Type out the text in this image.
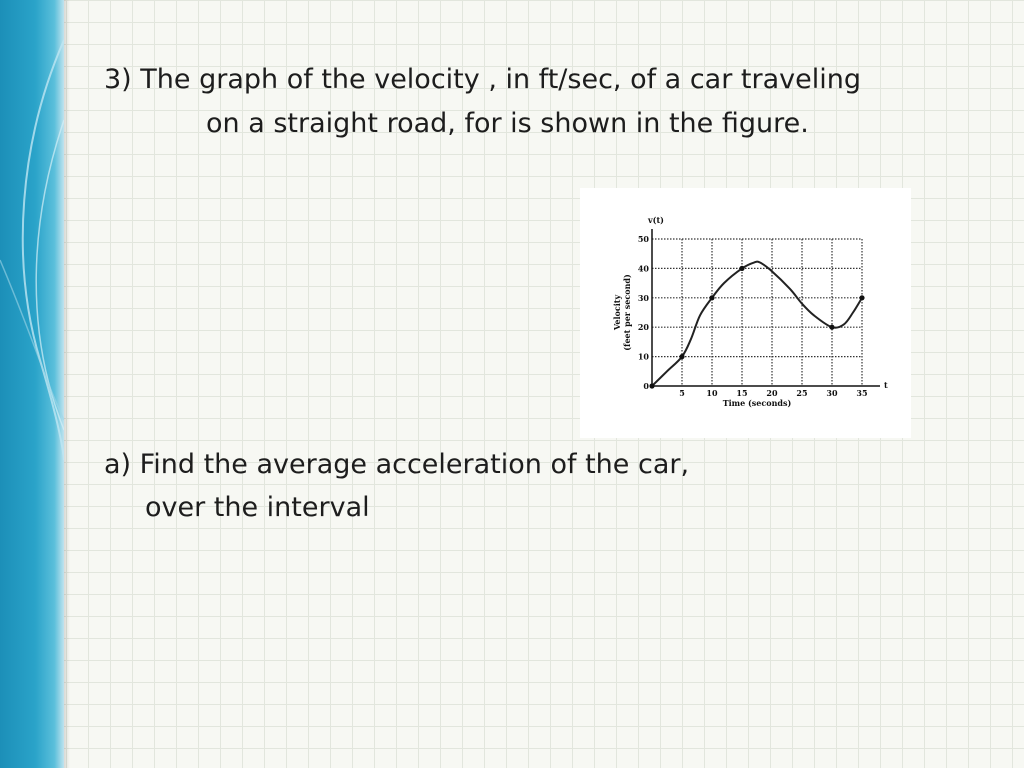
3) The graph of the velocity , in ft/sec, of a car traveling
on a straight road, for is shown in the figure.
5	10 15 20 25 30 35
0
10
20
30
40
50
t
v(t)
Time (seconds)
Velocity (feet per second)
a) Find the average acceleration of the car,
over the interval
